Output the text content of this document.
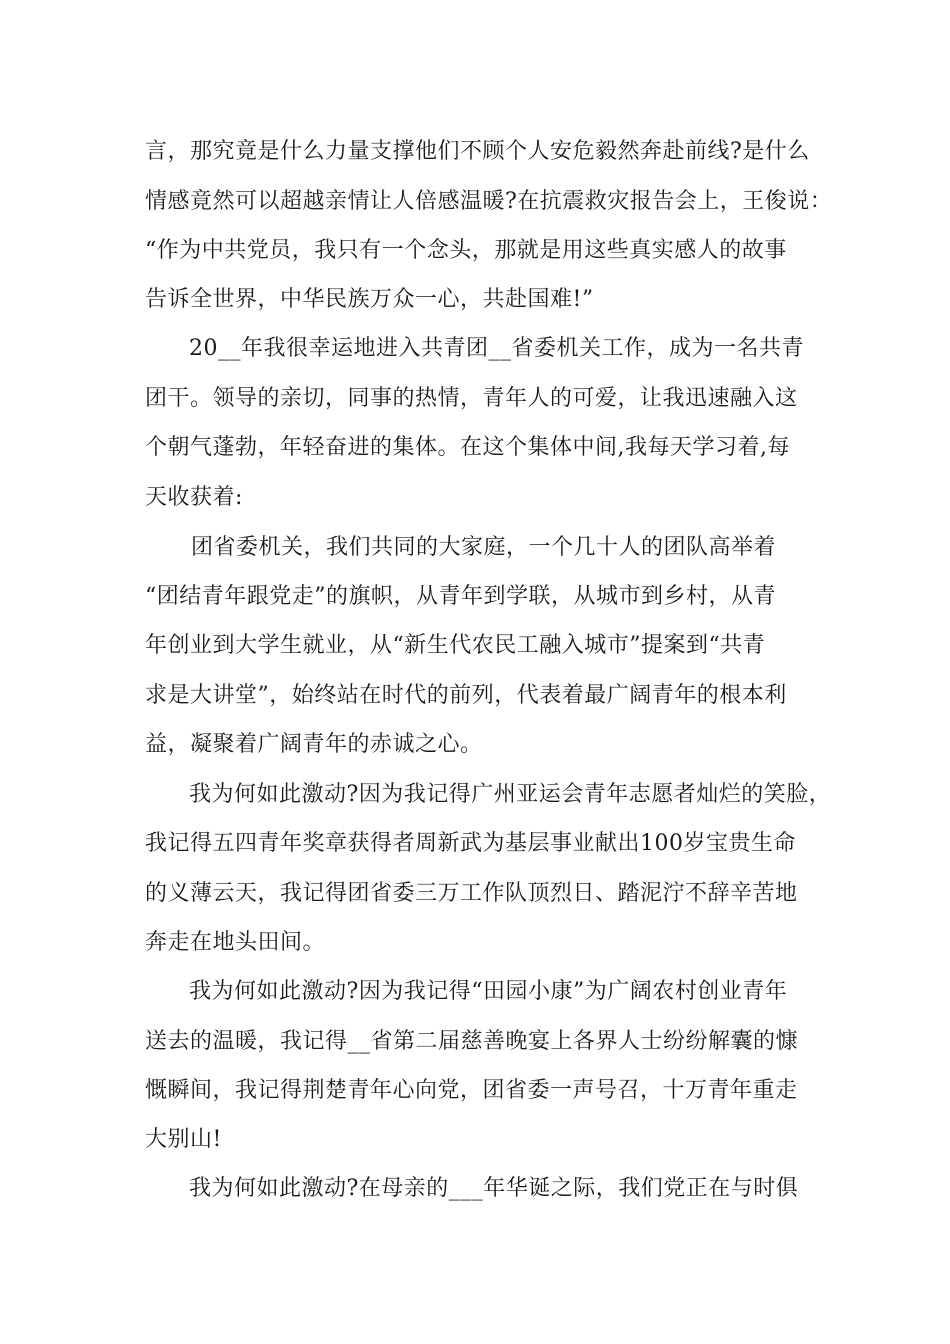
言，那究竟是什么力量支撑他们不顾个人安危毅然奔赴前线?是什么
情感竟然可以超越亲情让人倍感温暖?在抗震救灾报告会上，王俊说：
“作为中共党员，我只有一个念头，那就是用这些真实感人的故事
告诉全世界，中华民族万众一心，共赴国难!”
20__年我很幸运地进入共青团__省委机关工作，成为一名共青
团干。领导的亲切，同事的热情，青年人的可爱，让我迅速融入这
个朝气蓬勃，年轻奋进的集体。在这个集体中间,我每天学习着,每
天收获着:
团省委机关，我们共同的大家庭，一个几十人的团队高举着
“团结青年跟党走”的旗帜，从青年到学联，从城市到乡村，从青
年创业到大学生就业，从“新生代农民工融入城市”提案到“共青
求是大讲堂”，始终站在时代的前列，代表着最广阔青年的根本利
益，凝聚着广阔青年的赤诚之心。
我为何如此激动?因为我记得广州亚运会青年志愿者灿烂的笑脸，
我记得五四青年奖章获得者周新武为基层事业献出100岁宝贵生命
的义薄云天，我记得团省委三万工作队顶烈日、踏泥泞不辞辛苦地
奔走在地头田间。
我为何如此激动?因为我记得“田园小康”为广阔农村创业青年
送去的温暖，我记得__省第二届慈善晚宴上各界人士纷纷解囊的慷
慨瞬间，我记得荆楚青年心向党，团省委一声号召，十万青年重走
大别山!
我为何如此激动?在母亲的___年华诞之际，我们党正在与时俱
